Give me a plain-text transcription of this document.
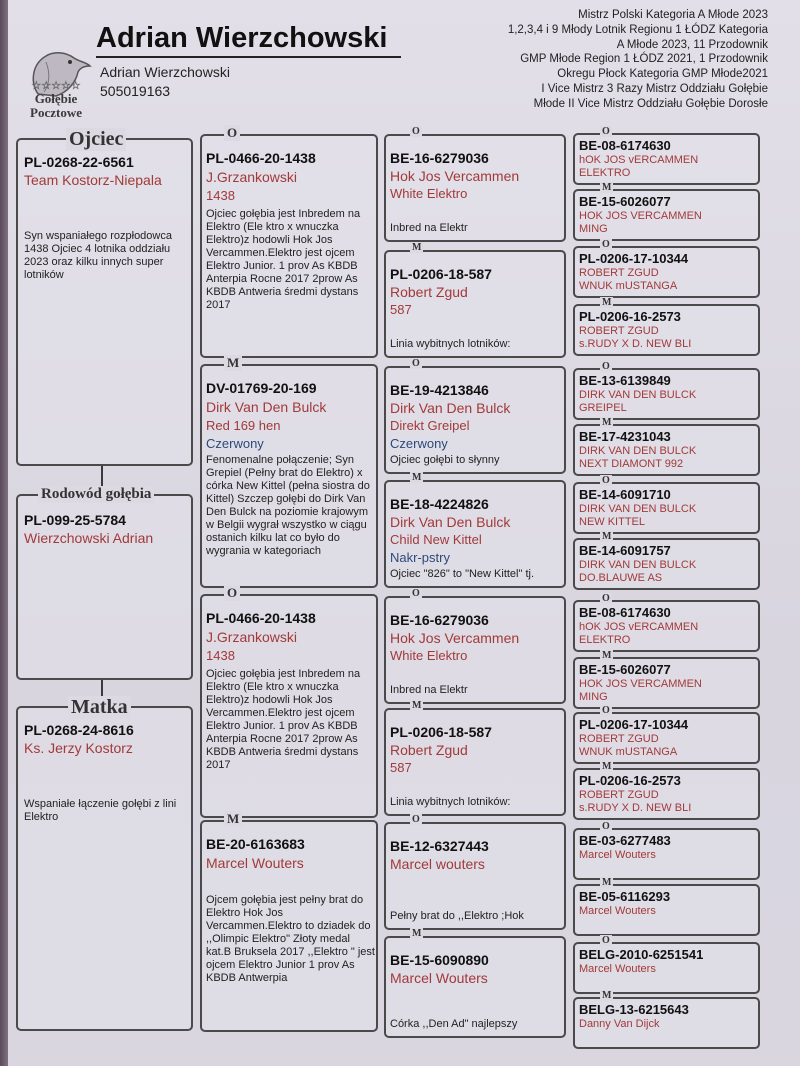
☆☆☆☆☆
Gołębie Pocztowe
Adrian Wierzchowski
Adrian Wierzchowski
505019163
Mistrz Polski Kategoria A Młode 2023
1,2,3,4 i 9 Młody Lotnik Regionu 1 ŁÓDZ Kategoria
A Młode 2023, 11 Przodownik
GMP Młode Region 1 ŁÓDZ 2021, 1 Przodownik
Okregu Płock Kategoria GMP Młode2021
I Vice Mistrz 3 Razy Mistrz Oddziału Gołębie
Młode II Vice Mistrz Oddziału Gołębie Dorosłe
PL-0268-22-6561
Team Kostorz-Niepala
Syn wspaniałego rozpłodowca 1438 Ojciec 4 lotnika oddziału 2023 oraz kilku innych super lotników
Ojciec
PL-099-25-5784
Wierzchowski Adrian
Rodowód gołębia
PL-0268-24-8616
Ks. Jerzy Kostorz
Wspaniałe łączenie gołębi z lini Elektro
Matka
PL-0466-20-1438
J.Grzankowski
1438
Ojciec gołębia jest Inbredem na Elektro (Ele ktro x wnuczka Elektro)z hodowli Hok Jos Vercammen.Elektro jest ojcem Elektro Junior. 1 prov As KBDB Anterpia Rocne 2017 2prow As KBDB Antweria średmi dystans 2017
O
DV-01769-20-169
Dirk Van Den Bulck
Red 169 hen
Czerwony
Fenomenalne połączenie; Syn Grepiel (Pełny brat do Elektro) x córka New Kittel (pełna siostra do Kittel) Szczep gołębi do Dirk Van Den Bulck na poziomie krajowym w Belgii wygrał wszystko w ciągu ostanich kilku lat co było do wygrania w kategoriach
M
PL-0466-20-1438
J.Grzankowski
1438
Ojciec gołębia jest Inbredem na Elektro (Ele ktro x wnuczka Elektro)z hodowli Hok Jos Vercammen.Elektro jest ojcem Elektro Junior. 1 prov As KBDB Anterpia Rocne 2017 2prow As KBDB Antweria średmi dystans 2017
O
BE-20-6163683
Marcel Wouters
Ojcem gołębia jest pełny brat do Elektro Hok Jos Vercammen.Elektro to dziadek do ,,Olimpic Elektro" Złoty medal kat.B Bruksela 2017 ,,Elektro " jest ojcem Elektro Junior 1 prov As KBDB Antwerpia
M
BE-16-6279036
Hok Jos Vercammen
White Elektro
Inbred na Elektr
O
PL-0206-18-587
Robert Zgud
587
Linia wybitnych lotników:
M
BE-19-4213846
Dirk Van Den Bulck
Direkt Greipel
Czerwony
Ojciec gołębi to słynny
O
BE-18-4224826
Dirk Van Den Bulck
Child New Kittel
Nakr-pstry
Ojciec "826" to "New Kittel" tj.
M
BE-16-6279036
Hok Jos Vercammen
White Elektro
Inbred na Elektr
O
PL-0206-18-587
Robert Zgud
587
Linia wybitnych lotników:
M
BE-12-6327443
Marcel wouters
Pełny brat do ,,Elektro ;Hok
O
BE-15-6090890
Marcel Wouters
Córka ,,Den Ad" najlepszy
M
BE-08-6174630
hOK JOS vERCAMMEN
ELEKTRO
O
BE-15-6026077
HOK JOS VERCAMMEN
MING
M
PL-0206-17-10344
ROBERT ZGUD
WNUK mUSTANGA
O
PL-0206-16-2573
ROBERT ZGUD
s.RUDY X D. NEW BLI
M
BE-13-6139849
DIRK VAN DEN BULCK
GREIPEL
O
BE-17-4231043
DIRK VAN DEN BULCK
NEXT DIAMONT 992
M
BE-14-6091710
DIRK VAN DEN BULCK
NEW KITTEL
O
BE-14-6091757
DIRK VAN DEN BULCK
DO.BLAUWE AS
M
BE-08-6174630
hOK JOS vERCAMMEN
ELEKTRO
O
BE-15-6026077
HOK JOS VERCAMMEN
MING
M
PL-0206-17-10344
ROBERT ZGUD
WNUK mUSTANGA
O
PL-0206-16-2573
ROBERT ZGUD
s.RUDY X D. NEW BLI
M
BE-03-6277483
Marcel Wouters
O
BE-05-6116293
Marcel Wouters
M
BELG-2010-6251541
Marcel Wouters
O
BELG-13-6215643
Danny Van Dijck
M
